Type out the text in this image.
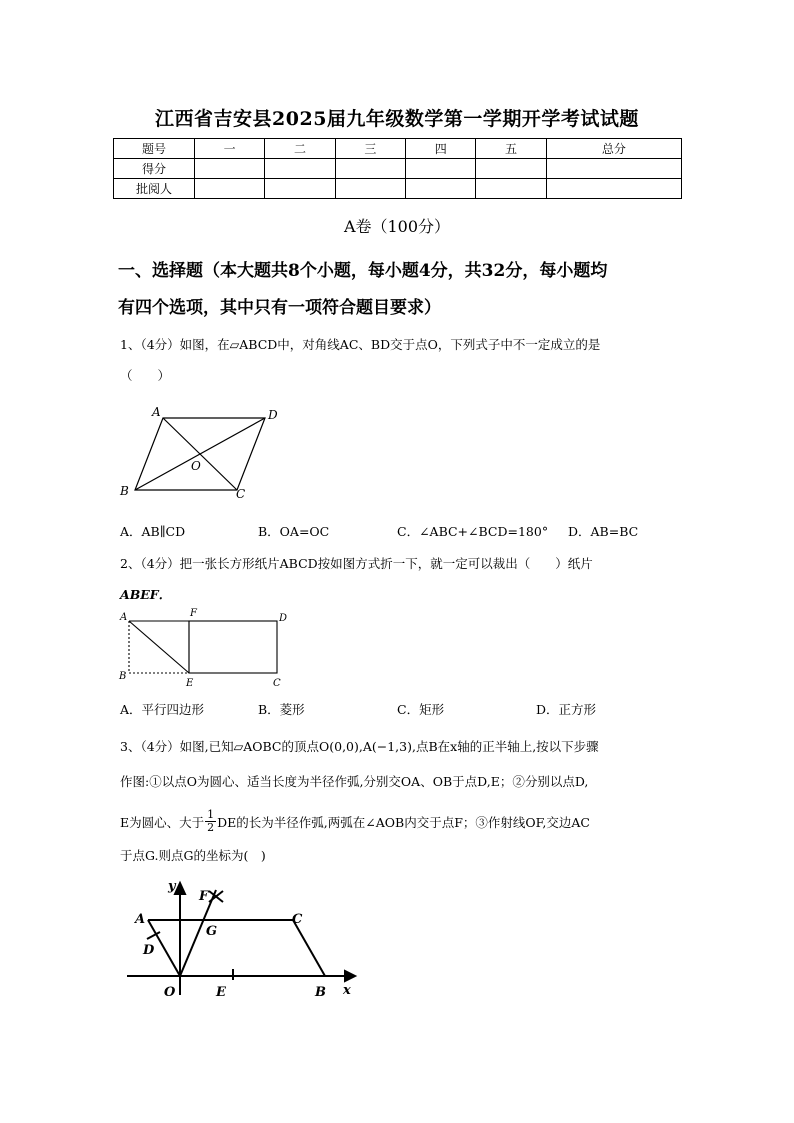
江西省吉安县2025届九年级数学第一学期开学考试试题
题号	一	二	三	四	五	总分
得分						
批阅人						
A卷（100分）
一、选择题（本大题共8个小题，每小题4分，共32分，每小题均
有四个选项，其中只有一项符合题目要求）
1、（4分）如图，在▱ABCD中，对角线AC、BD交于点O，下列式子中不一定成立的是
（　　）
A	D
O
B	C
A．AB∥CD	B．OA=OC	C．∠ABC+∠BCD=180° D．AB=BC
2、（4分）把一张长方形纸片ABCD按如图方式折一下，就一定可以裁出（　　）纸片
ABEF．
A	F	D
B
E	C
A．平行四边形	B．菱形	C．矩形	D．正方形
3、（4分）如图,已知▱AOBC的顶点O(0,0),A(−1,3),点B在x轴的正半轴上,按以下步骤
作图:①以点O为圆心、适当长度为半径作弧,分别交OA、OB于点D,E；②分别以点D,
E为圆心、大于 $\frac{1}{2}$ DE的长为半径作弧,两弧在∠AOB内交于点F；③作射线OF,交边AC
于点G.则点G的坐标为(　)
y
F
A	C
G
D
O	E	B x
